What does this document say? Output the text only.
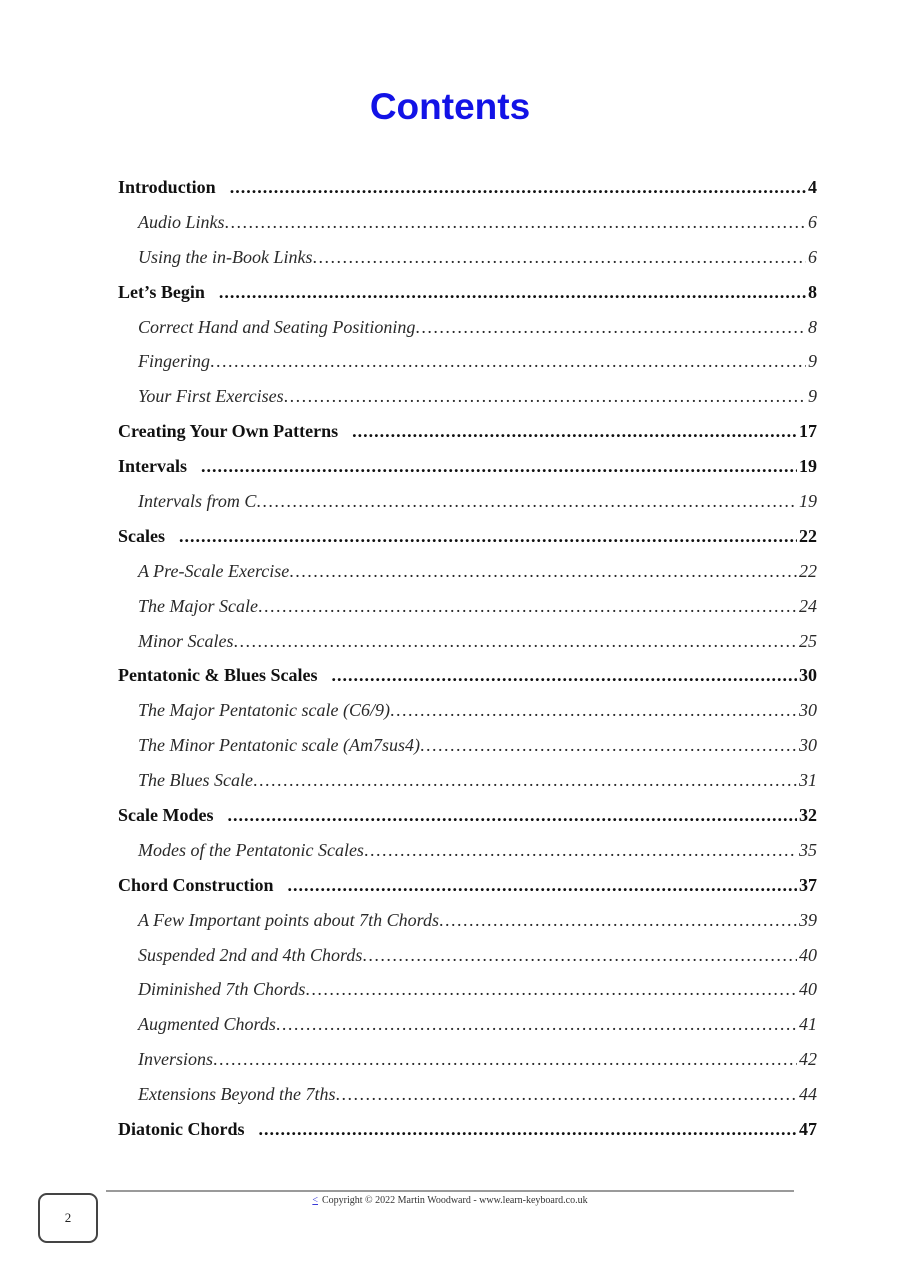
Contents
Introduction .....	4
Audio Links .....	6
Using the in-Book Links .....	6
Let’s Begin .....	8
Correct Hand and Seating Positioning .....	8
Fingering .....	9
Your First Exercises .....	9
Creating Your Own Patterns .....	17
Intervals .....	19
Intervals from C .....	19
Scales .....	22
A Pre-Scale Exercise .....	22
The Major Scale .....	24
Minor Scales .....	25
Pentatonic & Blues Scales .....	30
The Major Pentatonic scale (C6/9) .....	30
The Minor Pentatonic scale (Am7sus4) .....	30
The Blues Scale .....	31
Scale Modes .....	32
Modes of the Pentatonic Scales .....	35
Chord Construction .....	37
A Few Important points about 7th Chords .....	39
Suspended 2nd and 4th Chords .....	40
Diminished 7th Chords .....	40
Augmented Chords .....	41
Inversions .....	42
Extensions Beyond the 7ths .....	44
Diatonic Chords .....	47
< Copyright © 2022 Martin Woodward - www.learn-keyboard.co.uk
2
